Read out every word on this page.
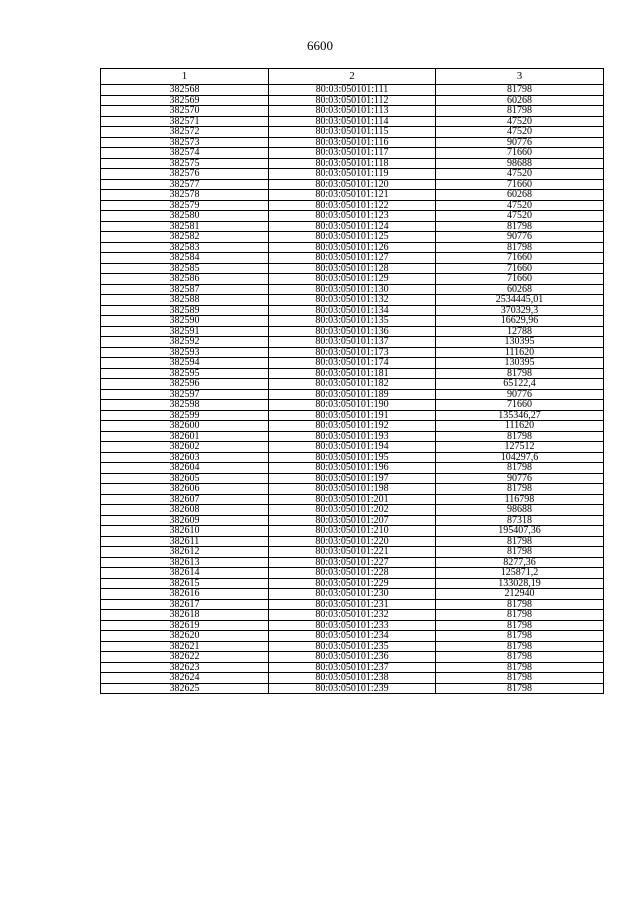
6600
1	2	3
382568	80:03:050101:111	81798
382569	80:03:050101:112	60268
382570	80:03:050101:113	81798
382571	80:03:050101:114	47520
382572	80:03:050101:115	47520
382573	80:03:050101:116	90776
382574	80:03:050101:117	71660
382575	80:03:050101:118	98688
382576	80:03:050101:119	47520
382577	80:03:050101:120	71660
382578	80:03:050101:121	60268
382579	80:03:050101:122	47520
382580	80:03:050101:123	47520
382581	80:03:050101:124	81798
382582	80:03:050101:125	90776
382583	80:03:050101:126	81798
382584	80:03:050101:127	71660
382585	80:03:050101:128	71660
382586	80:03:050101:129	71660
382587	80:03:050101:130	60268
382588	80:03:050101:132	2534445,01
382589	80:03:050101:134	370329,3
382590	80:03:050101:135	16629,96
382591	80:03:050101:136	12788
382592	80:03:050101:137	130395
382593	80:03:050101:173	111620
382594	80:03:050101:174	130395
382595	80:03:050101:181	81798
382596	80:03:050101:182	65122,4
382597	80:03:050101:189	90776
382598	80:03:050101:190	71660
382599	80:03:050101:191	135346,27
382600	80:03:050101:192	111620
382601	80:03:050101:193	81798
382602	80:03:050101:194	127512
382603	80:03:050101:195	104297,6
382604	80:03:050101:196	81798
382605	80:03:050101:197	90776
382606	80:03:050101:198	81798
382607	80:03:050101:201	116798
382608	80:03:050101:202	98688
382609	80:03:050101:207	87318
382610	80:03:050101:210	195407,36
382611	80:03:050101:220	81798
382612	80:03:050101:221	81798
382613	80:03:050101:227	8277,36
382614	80:03:050101:228	125871,2
382615	80:03:050101:229	133028,19
382616	80:03:050101:230	212940
382617	80:03:050101:231	81798
382618	80:03:050101:232	81798
382619	80:03:050101:233	81798
382620	80:03:050101:234	81798
382621	80:03:050101:235	81798
382622	80:03:050101:236	81798
382623	80:03:050101:237	81798
382624	80:03:050101:238	81798
382625	80:03:050101:239	81798
